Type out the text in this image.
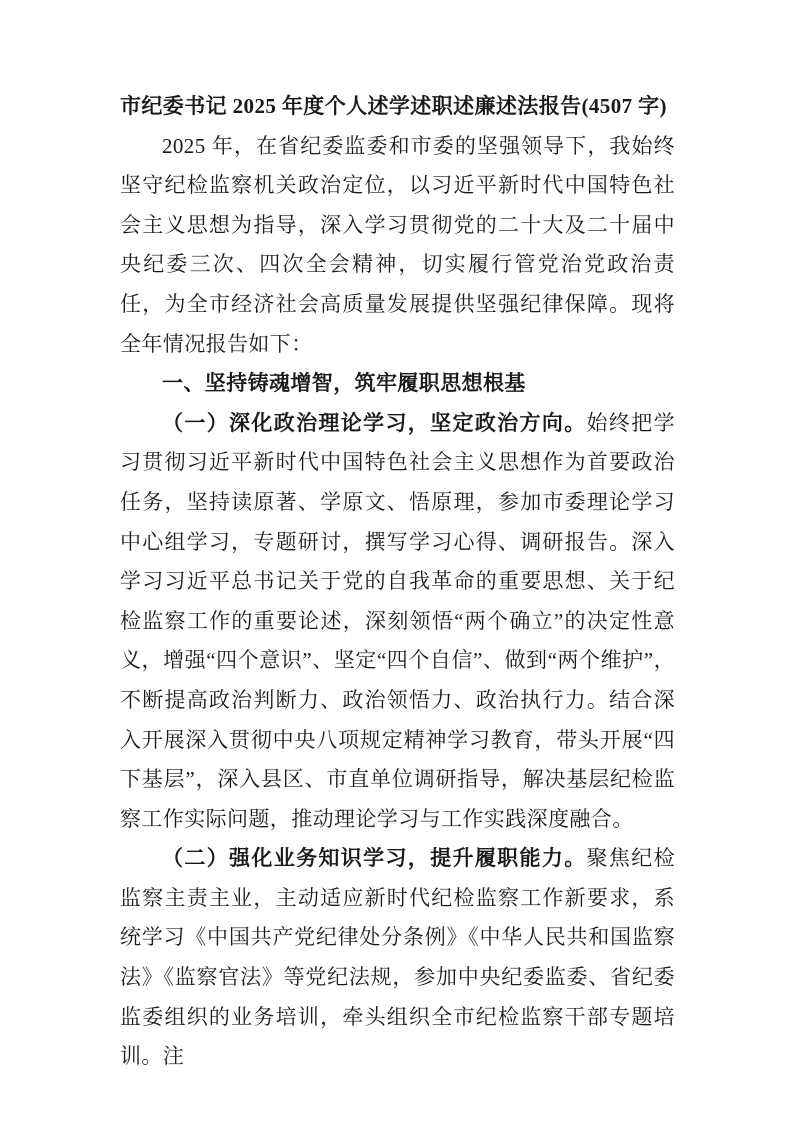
市纪委书记 2025 年度个人述学述职述廉述法报告(4507 字)

2025 年，在省纪委监委和市委的坚强领导下，我始终坚守纪检监察机关政治定位，以习近平新时代中国特色社会主义思想为指导，深入学习贯彻党的二十大及二十届中央纪委三次、四次全会精神，切实履行管党治党政治责任，为全市经济社会高质量发展提供坚强纪律保障。现将全年情况报告如下：

一、坚持铸魂增智，筑牢履职思想根基

（一）深化政治理论学习，坚定政治方向。始终把学习贯彻习近平新时代中国特色社会主义思想作为首要政治任务，坚持读原著、学原文、悟原理，参加市委理论学习中心组学习，专题研讨，撰写学习心得、调研报告。深入学习习近平总书记关于党的自我革命的重要思想、关于纪检监察工作的重要论述，深刻领悟“两个确立”的决定性意义，增强“四个意识”、坚定“四个自信”、做到“两个维护”，不断提高政治判断力、政治领悟力、政治执行力。结合深入开展深入贯彻中央八项规定精神学习教育，带头开展“四下基层”，深入县区、市直单位调研指导，解决基层纪检监察工作实际问题，推动理论学习与工作实践深度融合。

（二）强化业务知识学习，提升履职能力。聚焦纪检监察主责主业，主动适应新时代纪检监察工作新要求，系统学习《中国共产党纪律处分条例》《中华人民共和国监察法》《监察官法》等党纪法规，参加中央纪委监委、省纪委监委组织的业务培训，牵头组织全市纪检监察干部专题培训。注
